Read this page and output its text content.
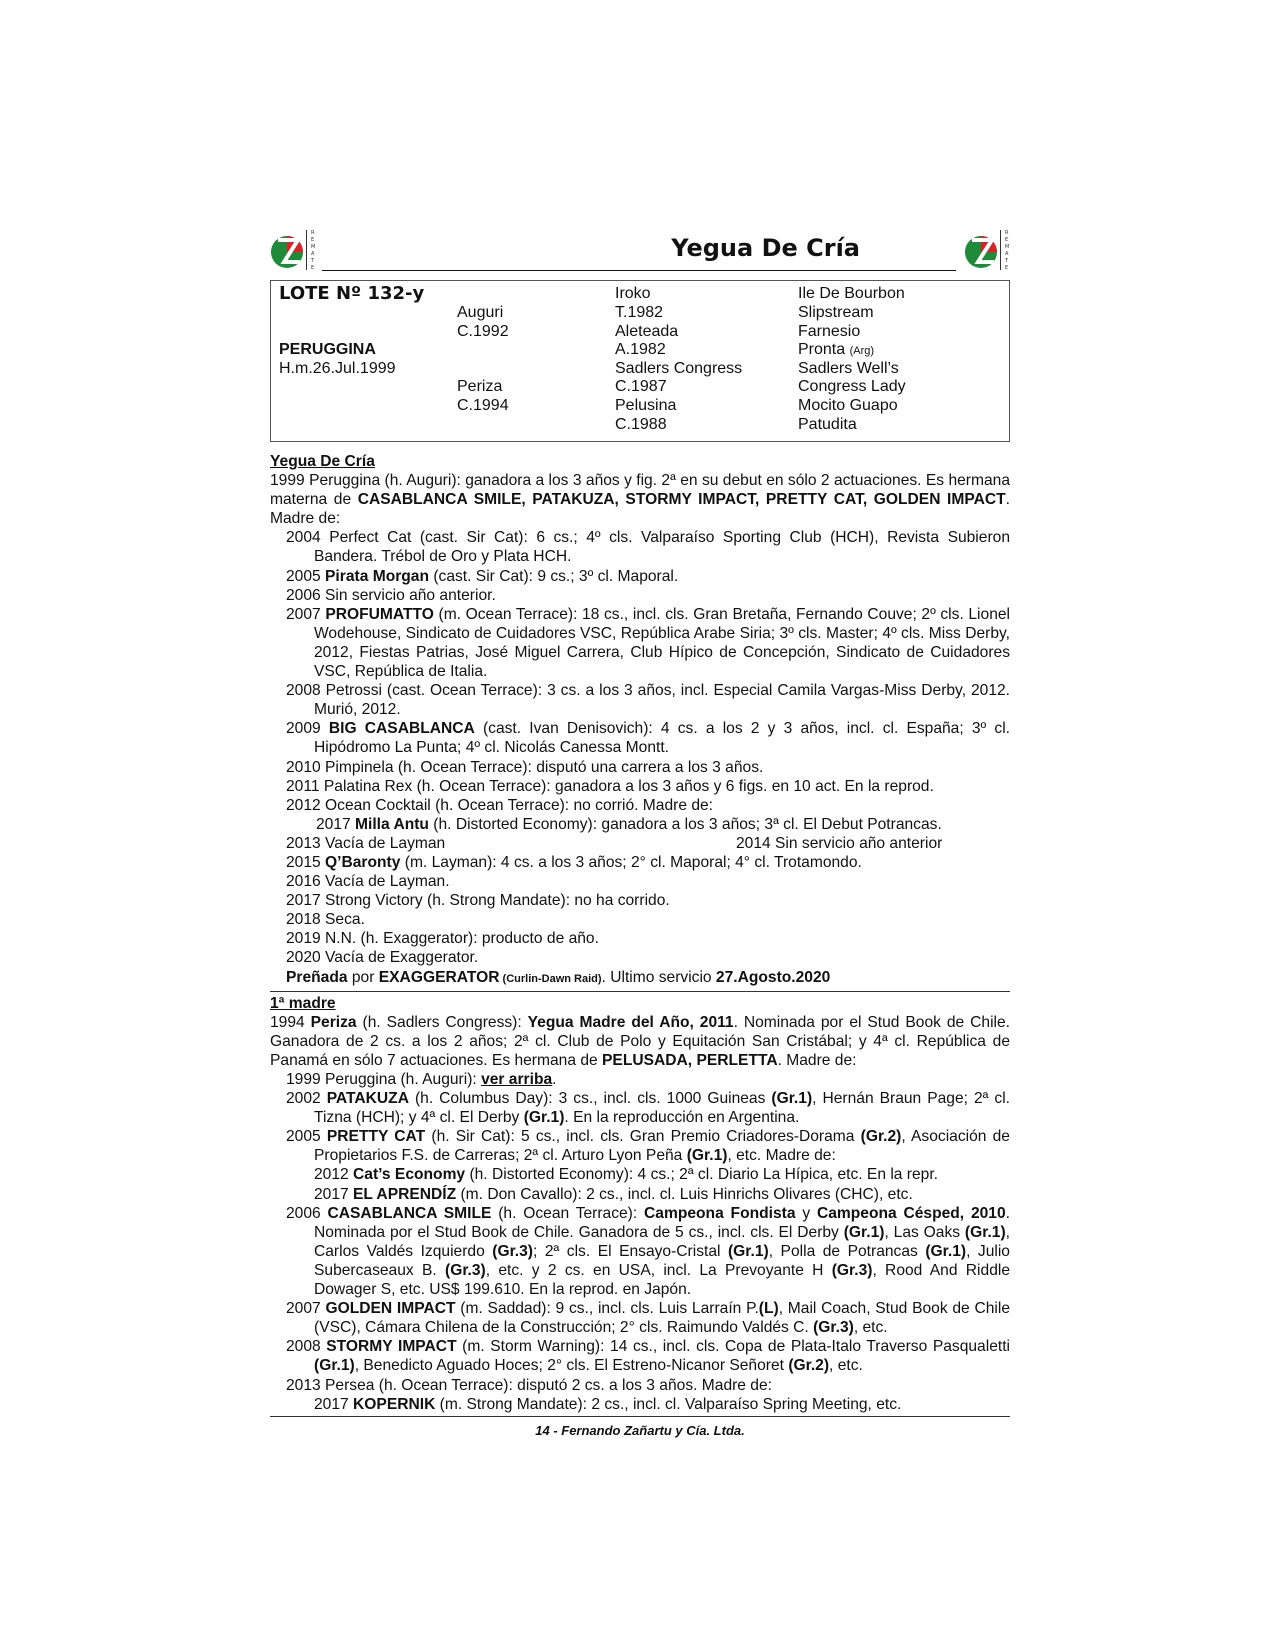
R
E
M
A
T
E
Yegua De Cría
R
E
M
A
T
E
LOTE Nº 132-y
PERUGGINA
H.m.26.Jul.1999
Auguri
C.1992
Periza
C.1994
Iroko
T.1982
Aleteada
A.1982
Sadlers Congress
C.1987
Pelusina
C.1988
Ile De Bourbon
Slipstream
Farnesio
Pronta (Arg)
Sadlers Well’s
Congress Lady
Mocito Guapo
Patudita
Yegua De Cría

1999 Peruggina (h. Auguri): ganadora a los 3 años y fig. 2ª en su debut en sólo 2 actuaciones. Es hermana materna de CASABLANCA SMILE, PATAKUZA, STORMY IMPACT, PRETTY CAT, GOLDEN IMPACT. Madre de:

2004 Perfect Cat (cast. Sir Cat): 6 cs.; 4º cls. Valparaíso Sporting Club (HCH), Revista Subieron Bandera. Trébol de Oro y Plata HCH.
2005 Pirata Morgan (cast. Sir Cat): 9 cs.; 3º cl. Maporal.
2006 Sin servicio año anterior.
2007 PROFUMATTO (m. Ocean Terrace): 18 cs., incl. cls. Gran Bretaña, Fernando Couve; 2º cls. Lionel Wodehouse, Sindicato de Cuidadores VSC, República Arabe Siria; 3º cls. Master; 4º cls. Miss Derby, 2012, Fiestas Patrias, José Miguel Carrera, Club Hípico de Concepción, Sindicato de Cuidadores VSC, República de Italia.
2008 Petrossi (cast. Ocean Terrace): 3 cs. a los 3 años, incl. Especial Camila Vargas-Miss Derby, 2012. Murió, 2012.
2009 BIG CASABLANCA (cast. Ivan Denisovich): 4 cs. a los 2 y 3 años, incl. cl. España; 3º cl. Hipódromo La Punta; 4º cl. Nicolás Canessa Montt.
2010 Pimpinela (h. Ocean Terrace): disputó una carrera a los 3 años.
2011 Palatina Rex (h. Ocean Terrace): ganadora a los 3 años y 6 figs. en 10 act. En la reprod.
2012 Ocean Cocktail (h. Ocean Terrace): no corrió. Madre de:
2017 Milla Antu (h. Distorted Economy): ganadora a los 3 años; 3ª cl. El Debut Potrancas.
2013 Vacía de Layman	2014 Sin servicio año anterior
2015 Q’Baronty (m. Layman): 4 cs. a los 3 años; 2° cl. Maporal; 4° cl. Trotamondo.
2016 Vacía de Layman.
2017 Strong Victory (h. Strong Mandate): no ha corrido.
2018 Seca.
2019 N.N. (h. Exaggerator): producto de año.
2020 Vacía de Exaggerator.
Preñada por EXAGGERATOR (Curlin-Dawn Raid). Ultimo servicio 27.Agosto.2020
1ª madre

1994 Periza (h. Sadlers Congress): Yegua Madre del Año, 2011. Nominada por el Stud Book de Chile. Ganadora de 2 cs. a los 2 años; 2ª cl. Club de Polo y Equitación San Cristábal; y 4ª cl. República de Panamá en sólo 7 actuaciones. Es hermana de PELUSADA, PERLETTA. Madre de:

1999 Peruggina (h. Auguri): ver arriba.
2002 PATAKUZA (h. Columbus Day): 3 cs., incl. cls. 1000 Guineas (Gr.1), Hernán Braun Page; 2ª cl. Tizna (HCH); y 4ª cl. El Derby (Gr.1). En la reproducción en Argentina.
2005 PRETTY CAT (h. Sir Cat): 5 cs., incl. cls. Gran Premio Criadores-Dorama (Gr.2), Asociación de Propietarios F.S. de Carreras; 2ª cl. Arturo Lyon Peña (Gr.1), etc. Madre de:
2012 Cat’s Economy (h. Distorted Economy): 4 cs.; 2ª cl. Diario La Hípica, etc. En la repr.
2017 EL APRENDÍZ (m. Don Cavallo): 2 cs., incl. cl. Luis Hinrichs Olivares (CHC), etc.
2006 CASABLANCA SMILE (h. Ocean Terrace): Campeona Fondista y Campeona Césped, 2010. Nominada por el Stud Book de Chile. Ganadora de 5 cs., incl. cls. El Derby (Gr.1), Las Oaks (Gr.1), Carlos Valdés Izquierdo (Gr.3); 2ª cls. El Ensayo-Cristal (Gr.1), Polla de Potrancas (Gr.1), Julio Subercaseaux B. (Gr.3), etc. y 2 cs. en USA, incl. La Prevoyante H (Gr.3), Rood And Riddle Dowager S, etc. US$ 199.610. En la reprod. en Japón.
2007 GOLDEN IMPACT (m. Saddad): 9 cs., incl. cls. Luis Larraín P.(L), Mail Coach, Stud Book de Chile (VSC), Cámara Chilena de la Construcción; 2° cls. Raimundo Valdés C. (Gr.3), etc.
2008 STORMY IMPACT (m. Storm Warning): 14 cs., incl. cls. Copa de Plata-Italo Traverso Pasqualetti (Gr.1), Benedicto Aguado Hoces; 2° cls. El Estreno-Nicanor Señoret (Gr.2), etc.
2013 Persea (h. Ocean Terrace): disputó 2 cs. a los 3 años. Madre de:
2017 KOPERNIK (m. Strong Mandate): 2 cs., incl. cl. Valparaíso Spring Meeting, etc.
14 - Fernando Zañartu y Cía. Ltda.
